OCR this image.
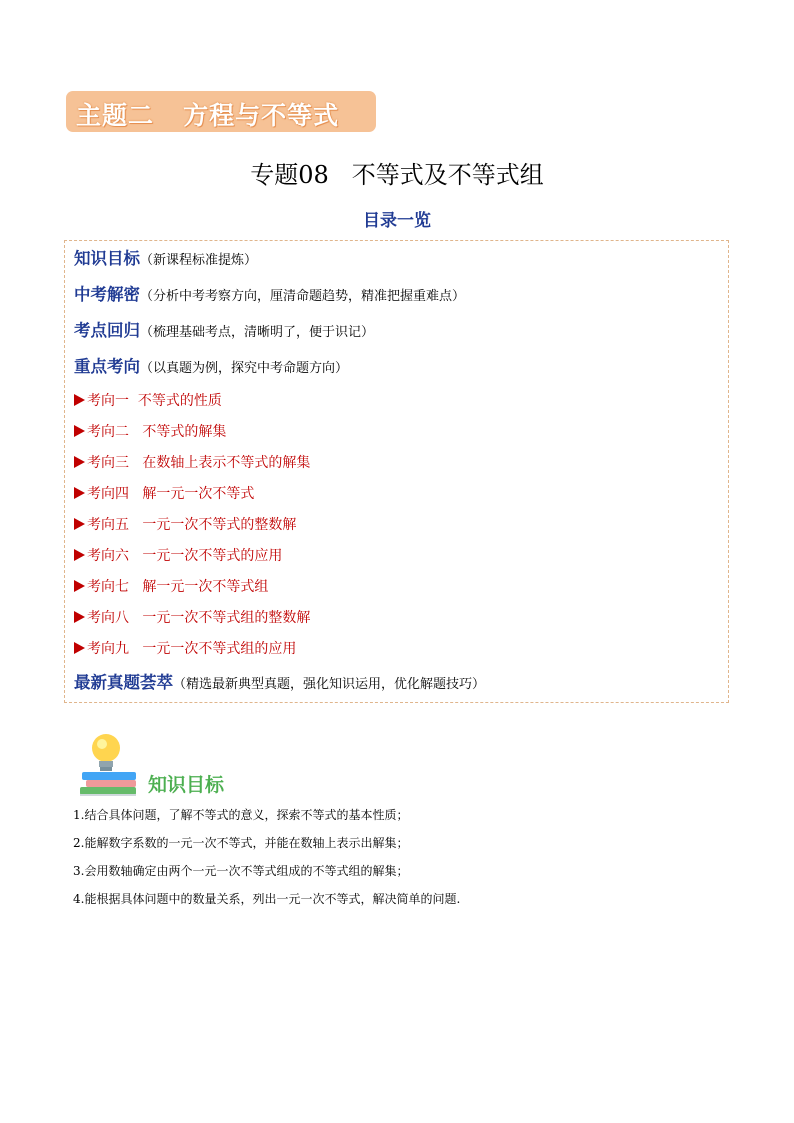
主题二   方程与不等式
专题08   不等式及不等式组
目录一览
知识目标（新课程标准提炼）
中考解密（分析中考考察方向，厘清命题趋势，精准把握重难点）
考点回归（梳理基础考点，清晰明了，便于识记）
重点考向（以真题为例，探究中考命题方向）
考向一  不等式的性质
考向二   不等式的解集
考向三   在数轴上表示不等式的解集
考向四   解一元一次不等式
考向五   一元一次不等式的整数解
考向六   一元一次不等式的应用
考向七   解一元一次不等式组
考向八   一元一次不等式组的整数解
考向九   一元一次不等式组的应用
最新真题荟萃（精选最新典型真题，强化知识运用，优化解题技巧）
知识目标
1.结合具体问题，了解不等式的意义，探索不等式的基本性质；
2.能解数字系数的一元一次不等式，并能在数轴上表示出解集；
3.会用数轴确定由两个一元一次不等式组成的不等式组的解集；
4.能根据具体问题中的数量关系，列出一元一次不等式，解决简单的问题.
